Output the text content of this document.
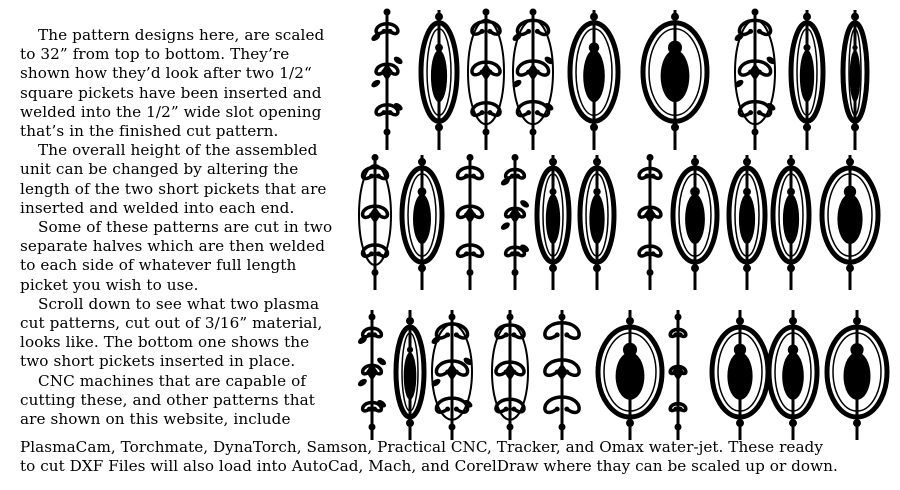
The pattern designs here, are scaled to 32” from top to bottom. They’re shown how they’d look after two 1/2“ square pickets have been inserted and welded into the 1/2” wide slot opening that’s in the finished cut pattern.

The overall height of the assembled unit can be changed by altering the length of the two short pickets that are inserted and welded into each end.

Some of these patterns are cut in two separate halves which are then welded to each side of whatever full length picket you wish to use.

Scroll down to see what two plasma cut patterns, cut out of 3/16” material, looks like. The bottom one shows the two short pickets inserted in place.

CNC machines that are capable of cutting these, and other patterns that are shown on this website, include

PlasmaCam, Torchmate, DynaTorch, Samson, Practical CNC, Tracker, and Omax water-jet. These ready

to cut DXF Files will also load into AutoCad, Mach, and CorelDraw where thay can be scaled up or down.
